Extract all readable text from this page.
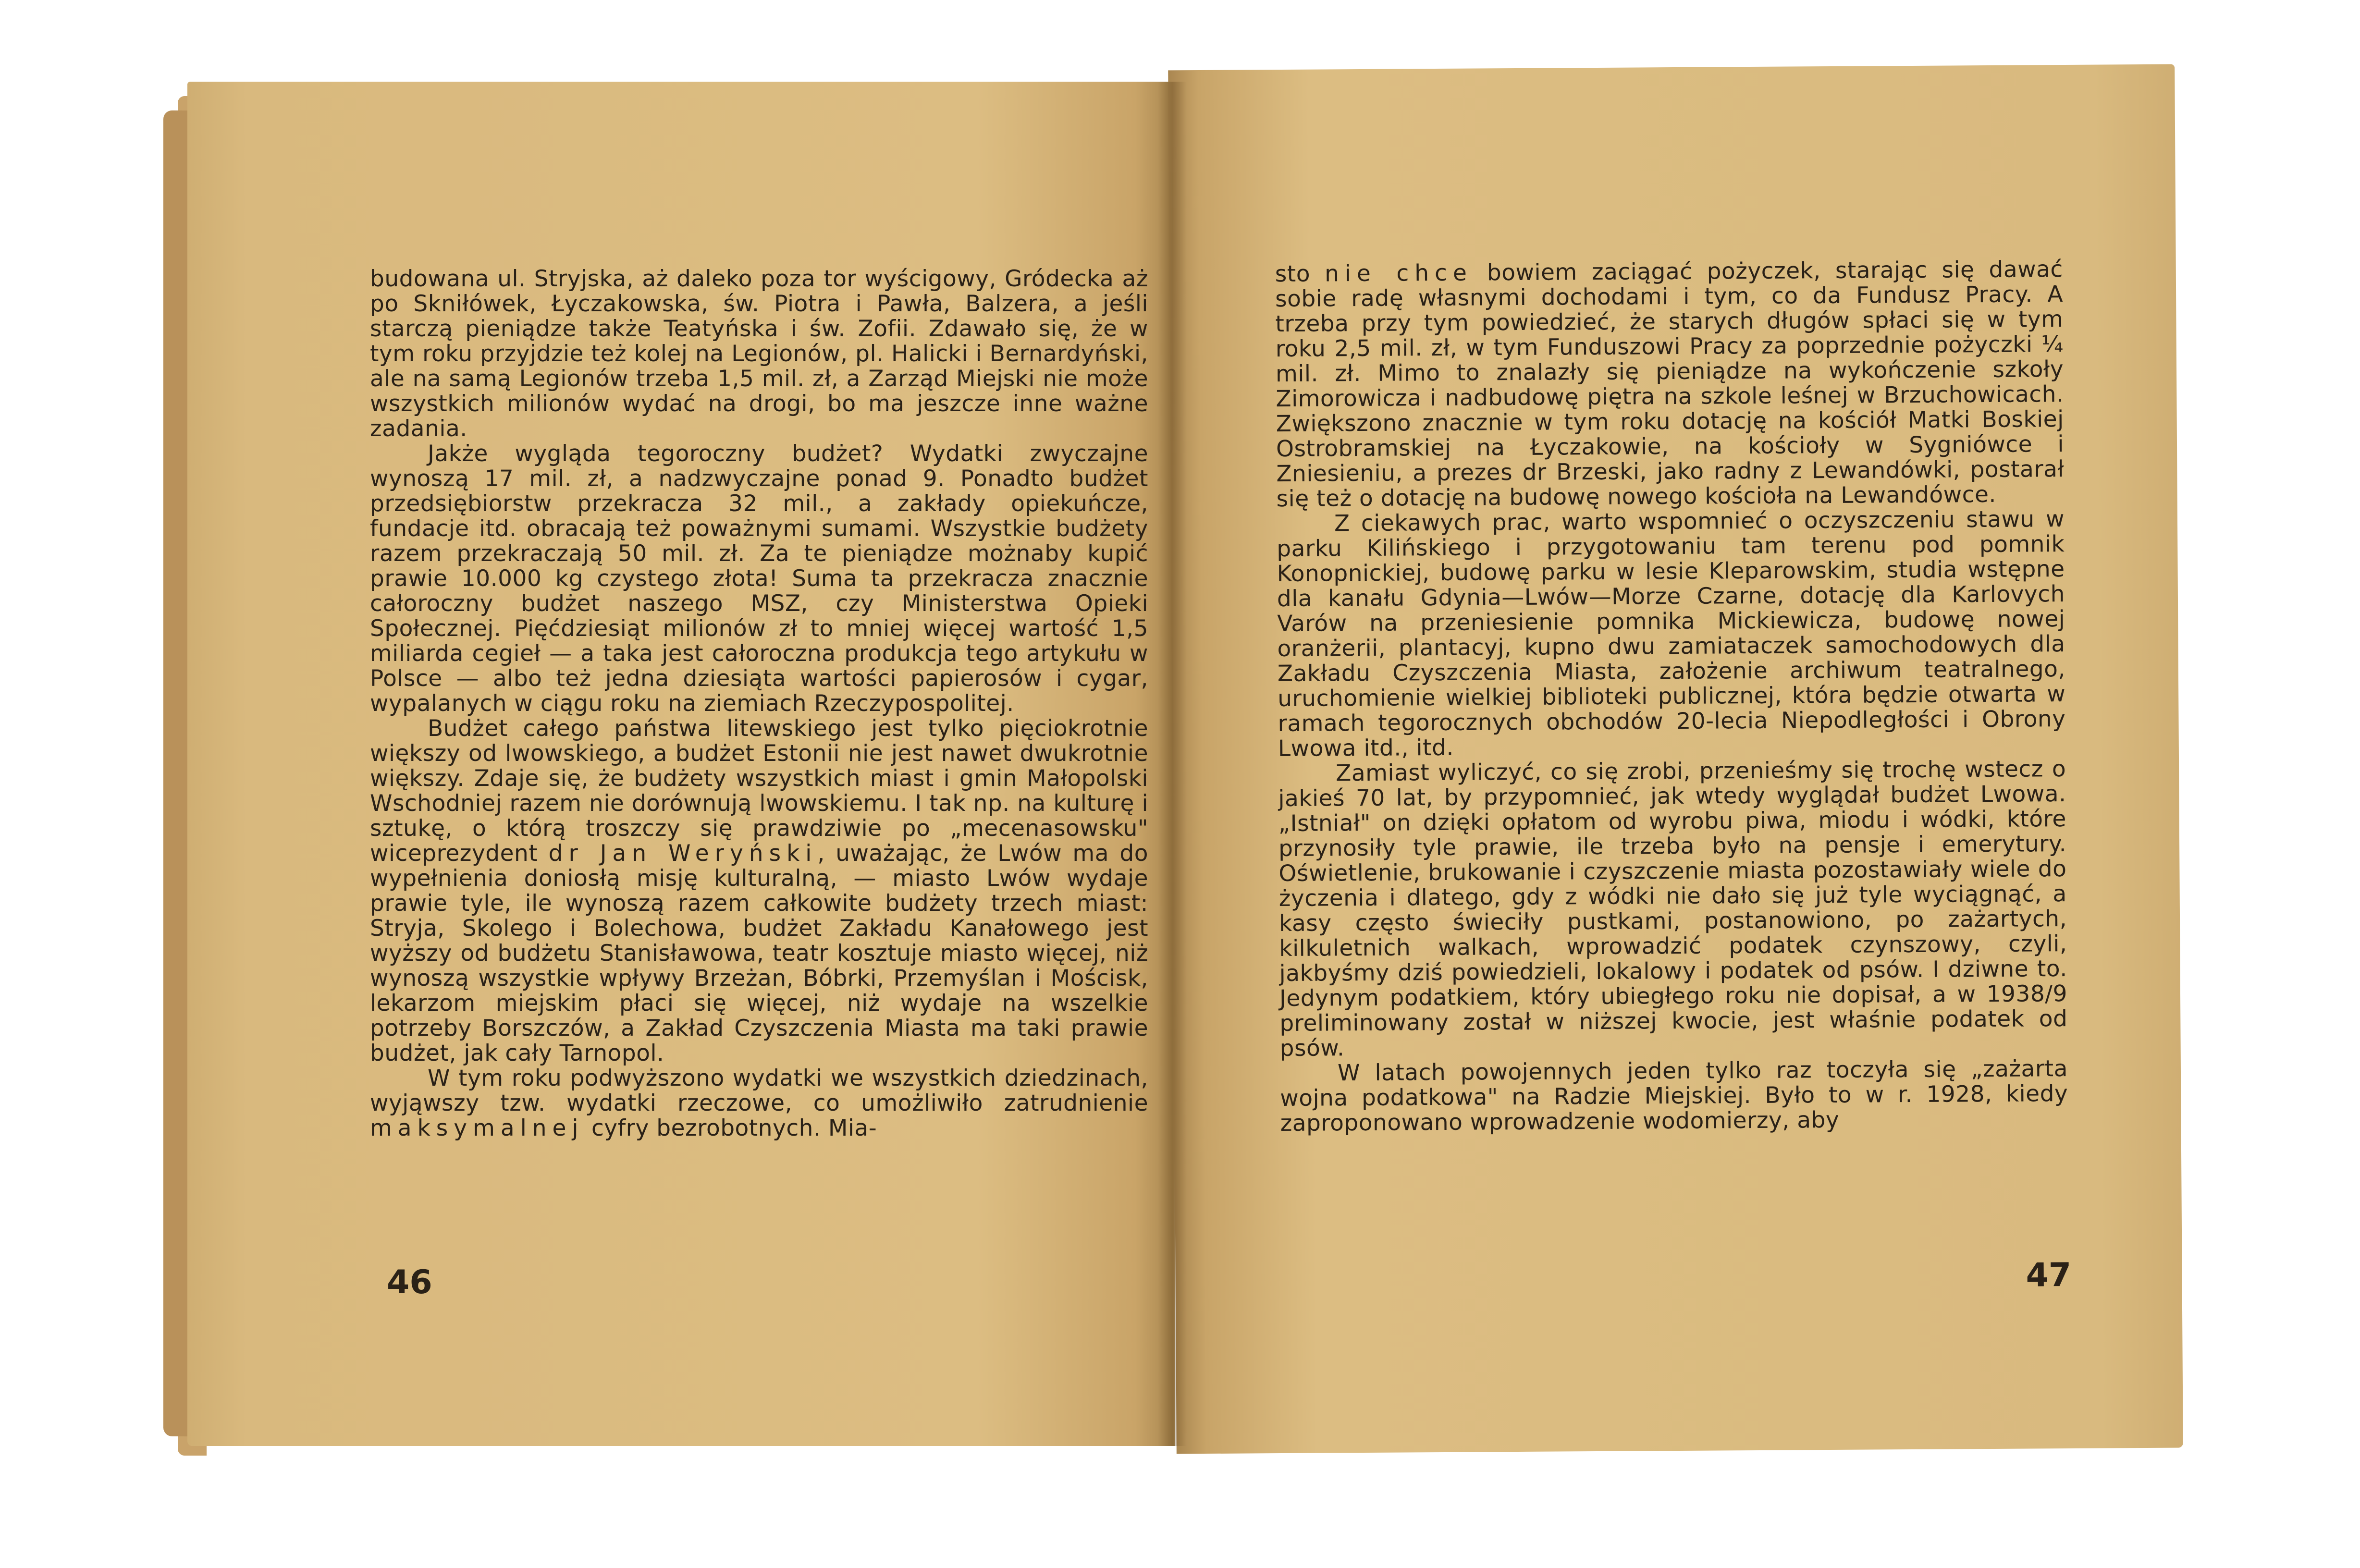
budowana ul. Stryjska, aż daleko poza tor wyścigowy, Gródecka aż po Skniłówek, Łyczakowska, św. Piotra i Pawła, Balzera, a jeśli starczą pieniądze także Teatyńska i św. Zofii. Zdawało się, że w tym roku przyjdzie też kolej na Legionów, pl. Halicki i Bernardyński, ale na samą Legionów trzeba 1,5 mil. zł, a Zarząd Miejski nie może wszystkich milionów wydać na drogi, bo ma jeszcze inne ważne zadania.

Jakże wygląda tegoroczny budżet? Wydatki zwyczajne wynoszą 17 mil. zł, a nadzwyczajne ponad 9. Ponadto budżet przedsiębiorstw przekracza 32 mil., a zakłady opiekuńcze, fundacje itd. obracają też poważnymi sumami. Wszystkie budżety razem przekraczają 50 mil. zł. Za te pieniądze możnaby kupić prawie 10.000 kg czystego złota! Suma ta przekracza znacznie całoroczny budżet naszego MSZ, czy Ministerstwa Opieki Społecznej. Pięćdziesiąt milionów zł to mniej więcej wartość 1,5 miliarda cegieł — a taka jest całoroczna produkcja tego artykułu w Polsce — albo też jedna dziesiąta wartości papierosów i cygar, wypalanych w ciągu roku na ziemiach Rzeczypospolitej.

Budżet całego państwa litewskiego jest tylko pięciokrotnie większy od lwowskiego, a budżet Estonii nie jest nawet dwukrotnie większy. Zdaje się, że budżety wszystkich miast i gmin Małopolski Wschodniej razem nie dorównują lwowskiemu. I tak np. na kulturę i sztukę, o którą troszczy się prawdziwie po „mecenasowsku" wiceprezydent dr Jan Weryński, uważając, że Lwów ma do wypełnienia doniosłą misję kulturalną, — miasto Lwów wydaje prawie tyle, ile wynoszą razem całkowite budżety trzech miast: Stryja, Skolego i Bolechowa, budżet Zakładu Kanałowego jest wyższy od budżetu Stanisławowa, teatr kosztuje miasto więcej, niż wynoszą wszystkie wpływy Brzeżan, Bóbrki, Przemyślan i Mościsk, lekarzom miejskim płaci się więcej, niż wydaje na wszelkie potrzeby Borszczów, a Zakład Czyszczenia Miasta ma taki prawie budżet, jak cały Tarnopol.

W tym roku podwyższono wydatki we wszystkich dziedzinach, wyjąwszy tzw. wydatki rzeczowe, co umożliwiło zatrudnienie maksymalnej cyfry bezrobotnych. Mia-

46

sto nie chce bowiem zaciągać pożyczek, starając się dawać sobie radę własnymi dochodami i tym, co da Fundusz Pracy. A trzeba przy tym powiedzieć, że starych długów spłaci się w tym roku 2,5 mil. zł, w tym Funduszowi Pracy za poprzednie pożyczki ¼ mil. zł. Mimo to znalazły się pieniądze na wykończenie szkoły Zimorowicza i nadbudowę piętra na szkole leśnej w Brzuchowicach. Zwiększono znacznie w tym roku dotację na kościół Matki Boskiej Ostrobramskiej na Łyczakowie, na kościoły w Sygniówce i Zniesieniu, a prezes dr Brzeski, jako radny z Lewandówki, postarał się też o dotację na budowę nowego kościoła na Lewandówce.

Z ciekawych prac, warto wspomnieć o oczyszczeniu stawu w parku Kilińskiego i przygotowaniu tam terenu pod pomnik Konopnickiej, budowę parku w lesie Kleparowskim, studia wstępne dla kanału Gdynia—Lwów—Morze Czarne, dotację dla Karlovych Varów na przeniesienie pomnika Mickiewicza, budowę nowej oranżerii, plantacyj, kupno dwu zamiataczek samochodowych dla Zakładu Czyszczenia Miasta, założenie archiwum teatralnego, uruchomienie wielkiej biblioteki publicznej, która będzie otwarta w ramach tegorocznych obchodów 20-lecia Niepodległości i Obrony Lwowa itd., itd.

Zamiast wyliczyć, co się zrobi, przenieśmy się trochę wstecz o jakieś 70 lat, by przypomnieć, jak wtedy wyglądał budżet Lwowa. „Istniał" on dzięki opłatom od wyrobu piwa, miodu i wódki, które przynosiły tyle prawie, ile trzeba było na pensje i emerytury. Oświetlenie, brukowanie i czyszczenie miasta pozostawiały wiele do życzenia i dlatego, gdy z wódki nie dało się już tyle wyciągnąć, a kasy często świeciły pustkami, postanowiono, po zażartych, kilkuletnich walkach, wprowadzić podatek czynszowy, czyli, jakbyśmy dziś powiedzieli, lokalowy i podatek od psów. I dziwne to. Jedynym podatkiem, który ubiegłego roku nie dopisał, a w 1938/9 preliminowany został w niższej kwocie, jest właśnie podatek od psów.

W latach powojennych jeden tylko raz toczyła się „zażarta wojna podatkowa" na Radzie Miejskiej. Było to w r. 1928, kiedy zaproponowano wprowadzenie wodomierzy, aby

47
